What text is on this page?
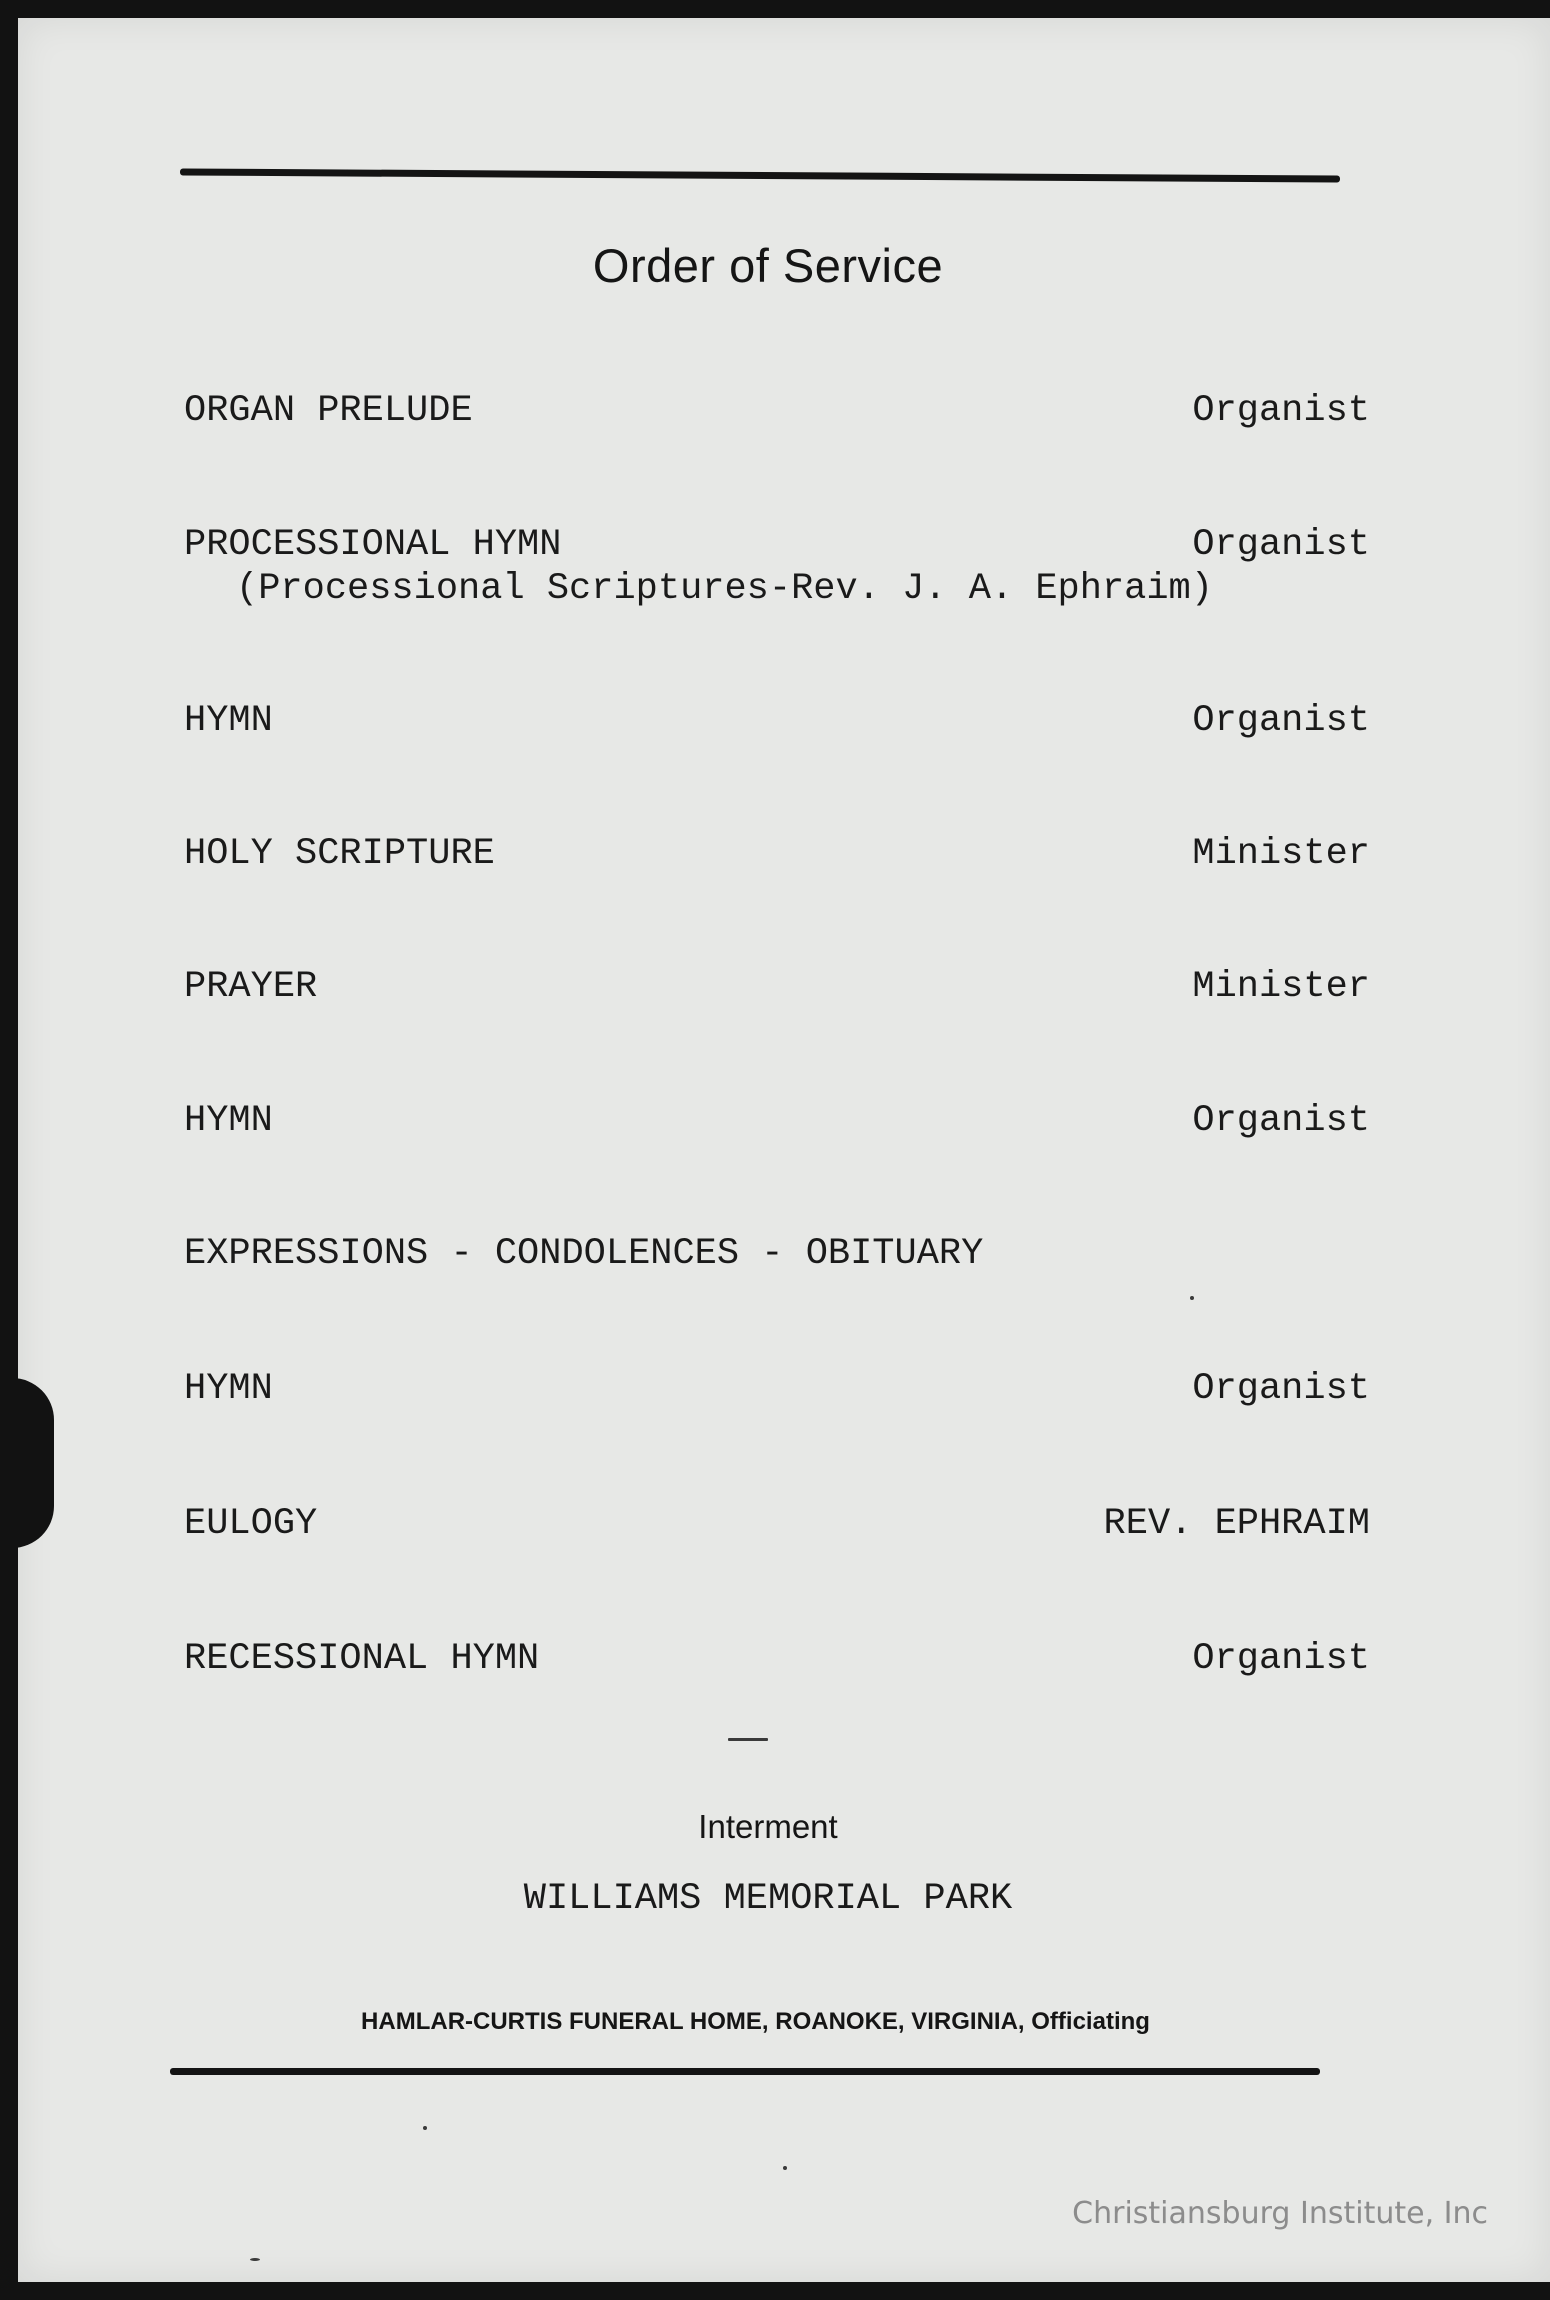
Order of Service
ORGAN PRELUDE	Organist
PROCESSIONAL HYMN	Organist
(Processional Scriptures-Rev. J. A. Ephraim)
HYMN	Organist
HOLY SCRIPTURE	Minister
PRAYER	Minister
HYMN	Organist
EXPRESSIONS - CONDOLENCES - OBITUARY
HYMN	Organist
EULOGY	REV. EPHRAIM
RECESSIONAL HYMN	Organist
Interment
WILLIAMS MEMORIAL PARK
HAMLAR-CURTIS FUNERAL HOME, ROANOKE, VIRGINIA, Officiating
Christiansburg Institute, Inc
